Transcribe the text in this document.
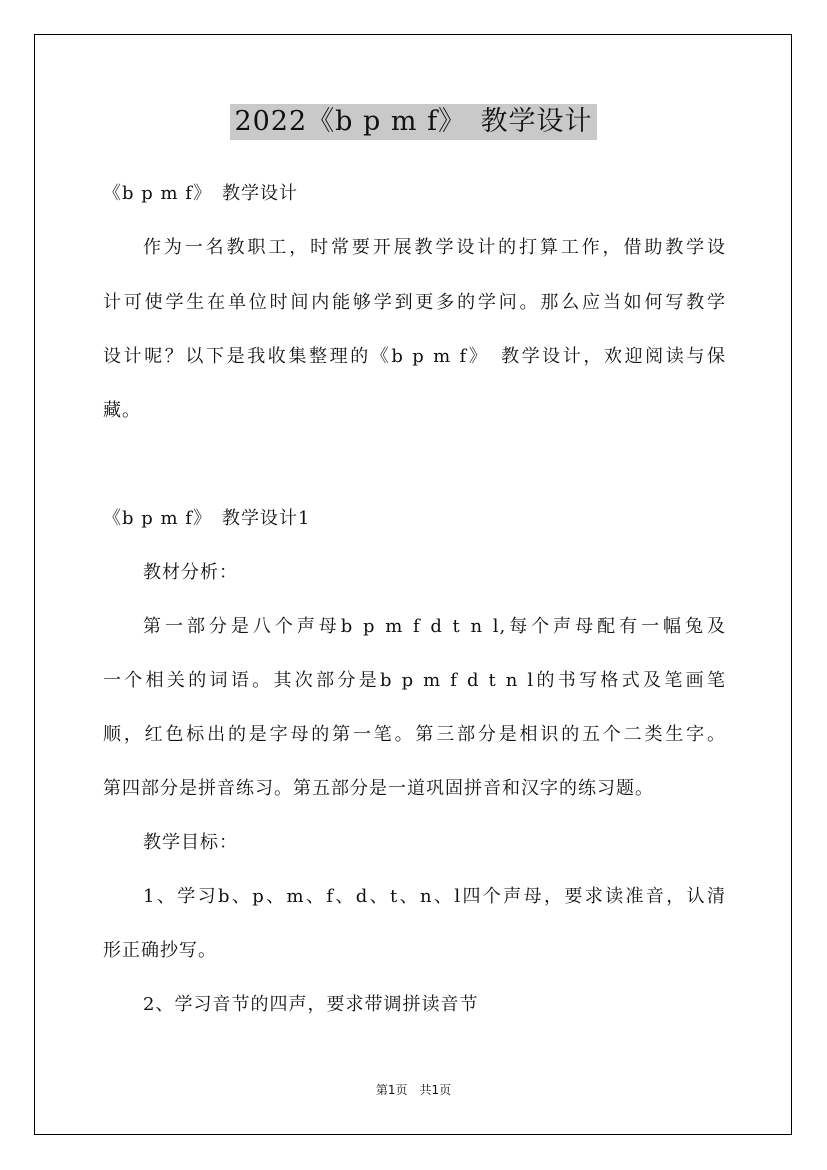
2022《b p m f》　教学设计
《b p m f》　教学设计
作为一名教职工，时常要开展教学设计的打算工作，借助教学设
计可使学生在单位时间内能够学到更多的学问。那么应当如何写教学
设计呢？以下是我收集整理的《b p m f》　教学设计，欢迎阅读与保
藏。
《b p m f》　教学设计1
教材分析：
第一部分是八个声母b p m f d t n l,每个声母配有一幅兔及
一个相关的词语。其次部分是b p m f d t n l的书写格式及笔画笔
顺，红色标出的是字母的第一笔。第三部分是相识的五个二类生字。
第四部分是拼音练习。第五部分是一道巩固拼音和汉字的练习题。
教学目标：
1、学习b、p、m、f、d、t、n、l四个声母，要求读准音，认清
形正确抄写。
2、学习音节的四声，要求带调拼读音节
第1页　共1页
